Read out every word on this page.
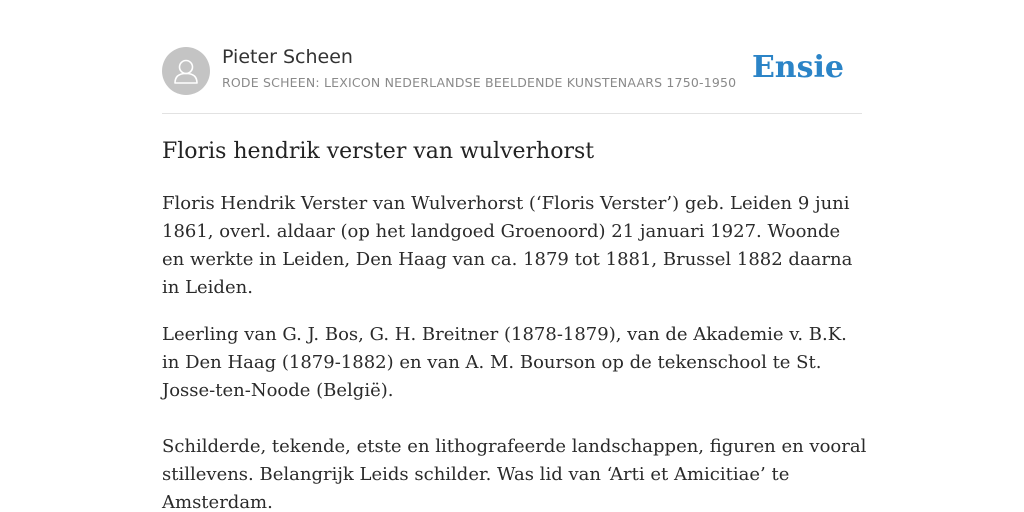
Pieter Scheen
RODE SCHEEN: LEXICON NEDERLANDSE BEELDENDE KUNSTENAARS 1750-1950 Ensie
Floris hendrik verster van wulverhorst

Floris Hendrik Verster van Wulverhorst (‘Floris Verster’) geb. Leiden 9 juni 1861, overl. aldaar (op het landgoed Groenoord) 21 januari 1927. Woonde en werkte in Leiden, Den Haag van ca. 1879 tot 1881, Brussel 1882 daarna in Leiden.

Leerling van G. J. Bos, G. H. Breitner (1878-1879), van de Akademie v. B.K. in Den Haag (1879-1882) en van A. M. Bourson op de tekenschool te St. Josse-ten-Noode (België).

Schilderde, tekende, etste en lithografeerde landschappen, figuren en vooral stillevens. Belangrijk Leids schilder. Was lid van ‘Arti et Amicitiae’ te Amsterdam.
